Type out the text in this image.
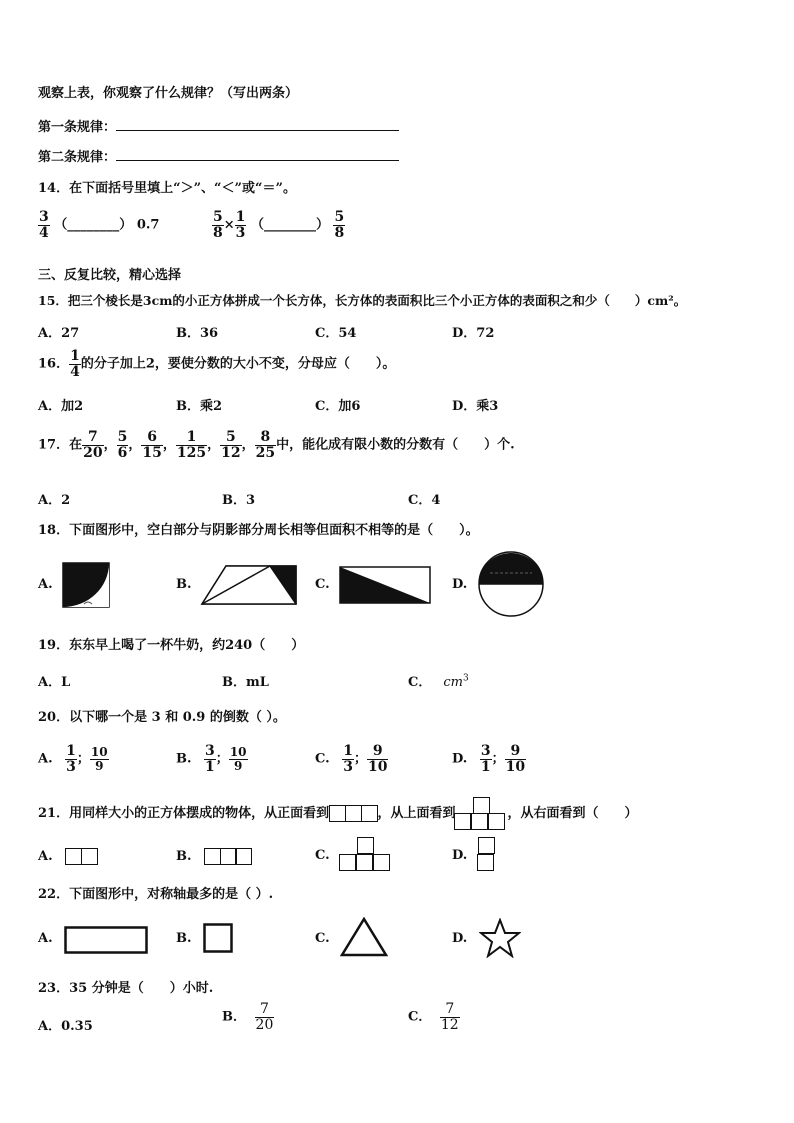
观察上表，你观察了什么规律？（写出两条）
第一条规律：
第二条规律：
14．在下面括号里填上“＞”、“＜”或“＝”。
$\frac{3}{4}$ （________） 0.7	$\frac{5}{8} \times \frac{1}{3}$ （________） $\frac{5}{8}$
三、反复比较，精心选择
15．把三个棱长是3cm的小正方体拼成一个长方体，长方体的表面积比三个小正方体的表面积之和少（　　）cm²。
A．27	B．36	C．54	D．72
16． $\frac{1}{4}$ 的分子加上2，要使分数的大小不变，分母应（　　）。
A．加2	B．乘2	C．加6	D．乘3
17．在 $\frac{7}{20}$ ， $\frac{5}{6}$ ， $\frac{6}{15}$ ， $\frac{1}{125}$ ， $\frac{5}{12}$ ， $\frac{8}{25}$ 中，能化成有限小数的分数有（　　）个.
A．2	B．3	C．4
18．下面图形中，空白部分与阴影部分周长相等但面积不相等的是（　　）。
A.	B.	C.	D.
19．东东早上喝了一杯牛奶，约240（　　）
A．L	B．mL	C． $cm^3$
20．以下哪一个是 3 和 0.9 的倒数（ ）。
A. $\frac{1}{3}$ ； $\frac{10}{9}$	B. $\frac{3}{1}$ ； $\frac{10}{9}$	C. $\frac{1}{3}$ ； $\frac{9}{10}$	D. $\frac{3}{1}$ ； $\frac{9}{10}$
21．用同样大小的正方体摆成的物体，从正面看到	，从上面看到	，从右面看到（　　）
A.	B.	C.	D.
22．下面图形中，对称轴最多的是（ ）.
A.	B.	C.	D.
23．35 分钟是（　　）小时.
A．0.35
B． $\frac{7}{20}$	C． $\frac{7}{12}$
